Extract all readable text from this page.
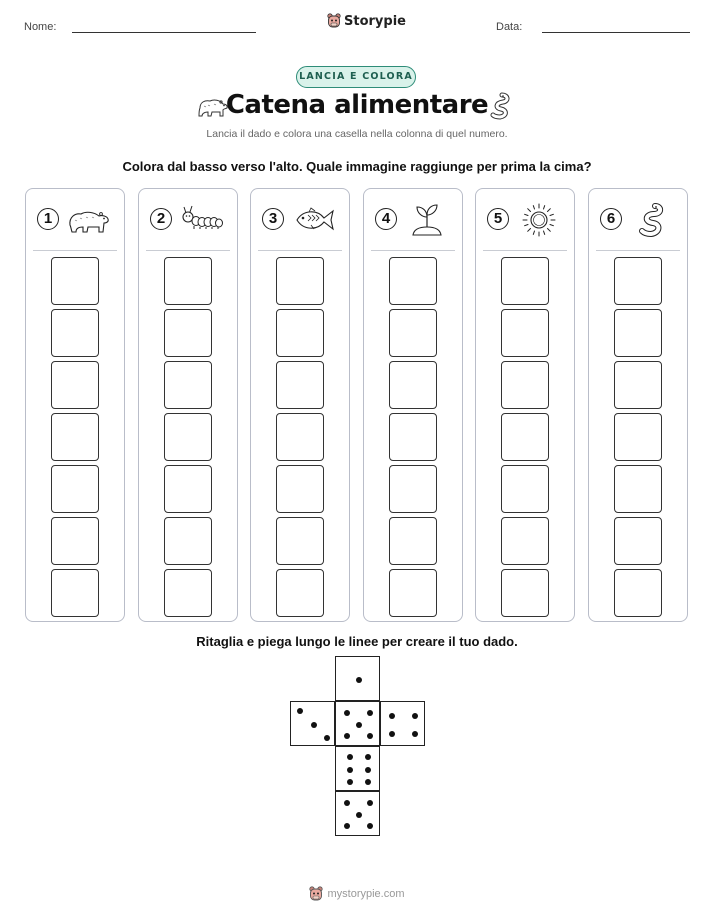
Nome:	Data:
Storypie
LANCIA E COLORA
Catena alimentare
Lancia il dado e colora una casella nella colonna di quel numero.
Colora dal basso verso l'alto. Quale immagine raggiunge per prima la cima?
1	2	3	4	5	6
Ritaglia e piega lungo le linee per creare il tuo dado.
mystorypie.com
